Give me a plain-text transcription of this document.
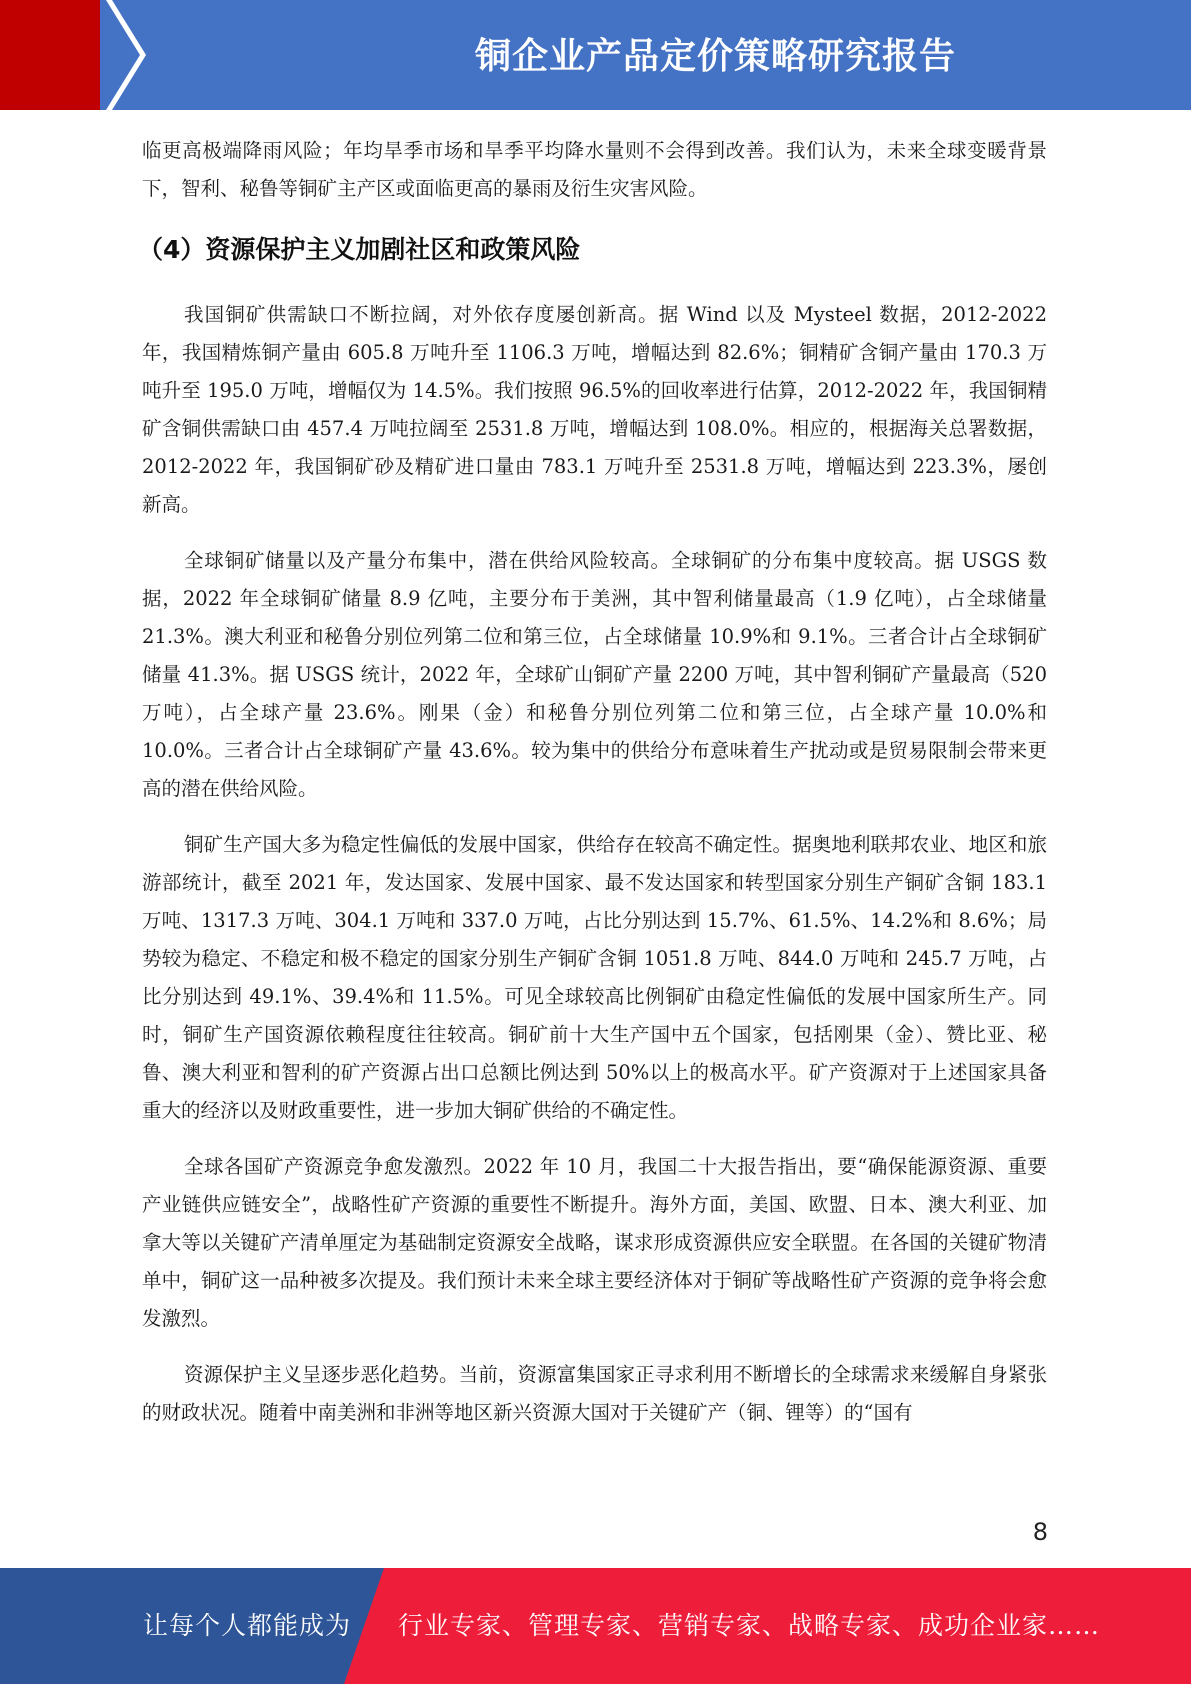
铜企业产品定价策略研究报告

临更高极端降雨风险；年均旱季市场和旱季平均降水量则不会得到改善。我们认为，未来全球变暖背景下，智利、秘鲁等铜矿主产区或面临更高的暴雨及衍生灾害风险。

（4）资源保护主义加剧社区和政策风险

我国铜矿供需缺口不断拉阔，对外依存度屡创新高。据 Wind 以及 Mysteel 数据，2012-2022 年，我国精炼铜产量由 605.8 万吨升至 1106.3 万吨，增幅达到 82.6%；铜精矿含铜产量由 170.3 万吨升至 195.0 万吨，增幅仅为 14.5%。我们按照 96.5%的回收率进行估算，2012-2022 年，我国铜精矿含铜供需缺口由 457.4 万吨拉阔至 2531.8 万吨，增幅达到 108.0%。相应的，根据海关总署数据，2012-2022 年，我国铜矿砂及精矿进口量由 783.1 万吨升至 2531.8 万吨，增幅达到 223.3%，屡创新高。

全球铜矿储量以及产量分布集中，潜在供给风险较高。全球铜矿的分布集中度较高。据 USGS 数据，2022 年全球铜矿储量 8.9 亿吨，主要分布于美洲，其中智利储量最高（1.9 亿吨），占全球储量 21.3%。澳大利亚和秘鲁分别位列第二位和第三位，占全球储量 10.9%和 9.1%。三者合计占全球铜矿储量 41.3%。据 USGS 统计，2022 年，全球矿山铜矿产量 2200 万吨，其中智利铜矿产量最高（520 万吨），占全球产量 23.6%。刚果（金）和秘鲁分别位列第二位和第三位，占全球产量 10.0%和 10.0%。三者合计占全球铜矿产量 43.6%。较为集中的供给分布意味着生产扰动或是贸易限制会带来更高的潜在供给风险。

铜矿生产国大多为稳定性偏低的发展中国家，供给存在较高不确定性。据奥地利联邦农业、地区和旅游部统计，截至 2021 年，发达国家、发展中国家、最不发达国家和转型国家分别生产铜矿含铜 183.1 万吨、1317.3 万吨、304.1 万吨和 337.0 万吨，占比分别达到 15.7%、61.5%、14.2%和 8.6%；局势较为稳定、不稳定和极不稳定的国家分别生产铜矿含铜 1051.8 万吨、844.0 万吨和 245.7 万吨，占比分别达到 49.1%、39.4%和 11.5%。可见全球较高比例铜矿由稳定性偏低的发展中国家所生产。同时，铜矿生产国资源依赖程度往往较高。铜矿前十大生产国中五个国家，包括刚果（金）、赞比亚、秘鲁、澳大利亚和智利的矿产资源占出口总额比例达到 50%以上的极高水平。矿产资源对于上述国家具备重大的经济以及财政重要性，进一步加大铜矿供给的不确定性。

全球各国矿产资源竞争愈发激烈。2022 年 10 月，我国二十大报告指出，要“确保能源资源、重要产业链供应链安全”，战略性矿产资源的重要性不断提升。海外方面，美国、欧盟、日本、澳大利亚、加拿大等以关键矿产清单厘定为基础制定资源安全战略，谋求形成资源供应安全联盟。在各国的关键矿物清单中，铜矿这一品种被多次提及。我们预计未来全球主要经济体对于铜矿等战略性矿产资源的竞争将会愈发激烈。

资源保护主义呈逐步恶化趋势。当前，资源富集国家正寻求利用不断增长的全球需求来缓解自身紧张的财政状况。随着中南美洲和非洲等地区新兴资源大国对于关键矿产（铜、锂等）的“国有

8
让每个人都能成为 行业专家、管理专家、营销专家、战略专家、成功企业家……
